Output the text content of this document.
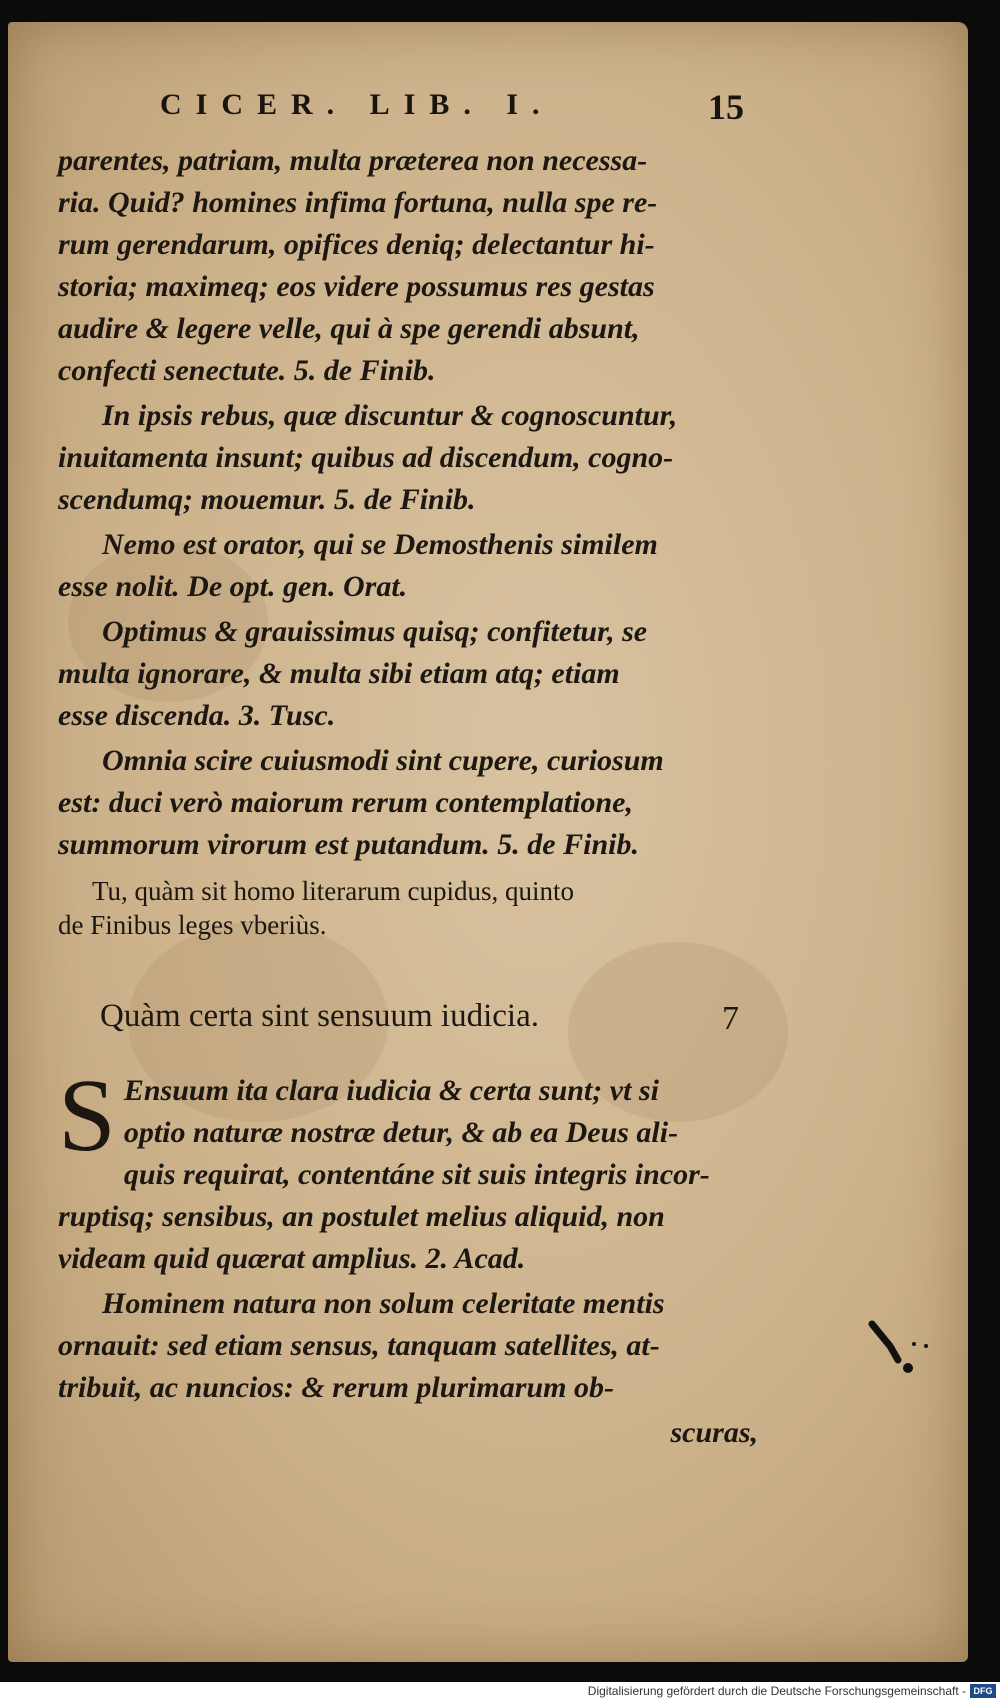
CICER. LIB. I.	15

parentes, patriam, multa præterea non necessa-
ria. Quid? homines infima fortuna, nulla spe re-
rum gerendarum, opifices deniq; delectantur hi-
storia; maximeq; eos videre possumus res gestas
audire & legere velle, qui à spe gerendi absunt,
confecti senectute. 5. de Finib.

In ipsis rebus, quæ discuntur & cognoscuntur,
inuitamenta insunt; quibus ad discendum, cogno-
scendumq; mouemur. 5. de Finib.

Nemo est orator, qui se Demosthenis similem
esse nolit. De opt. gen. Orat.

Optimus & grauissimus quisq; confitetur, se
multa ignorare, & multa sibi etiam atq; etiam
esse discenda. 3. Tusc.

Omnia scire cuiusmodi sint cupere, curiosum
est: duci verò maiorum rerum contemplatione,
summorum virorum est putandum. 5. de Finib.

Tu, quàm sit homo literarum cupidus, quinto
de Finibus leges vberiùs.

Quàm certa sint sensuum iudicia.	7

S Ensuum ita clara iudicia & certa sunt; vt si
optio naturæ nostræ detur, & ab ea Deus ali-
quis requirat, contentáne sit suis integris incor-
ruptisq; sensibus, an postulet melius aliquid, non
videam quid quærat amplius. 2. Acad.

Hominem natura non solum celeritate mentis
ornauit: sed etiam sensus, tanquam satellites, at-
tribuit, ac nuncios: & rerum plurimarum ob-

scuras,

Digitalisierung gefördert durch die Deutsche Forschungsgemeinschaft - DFG
